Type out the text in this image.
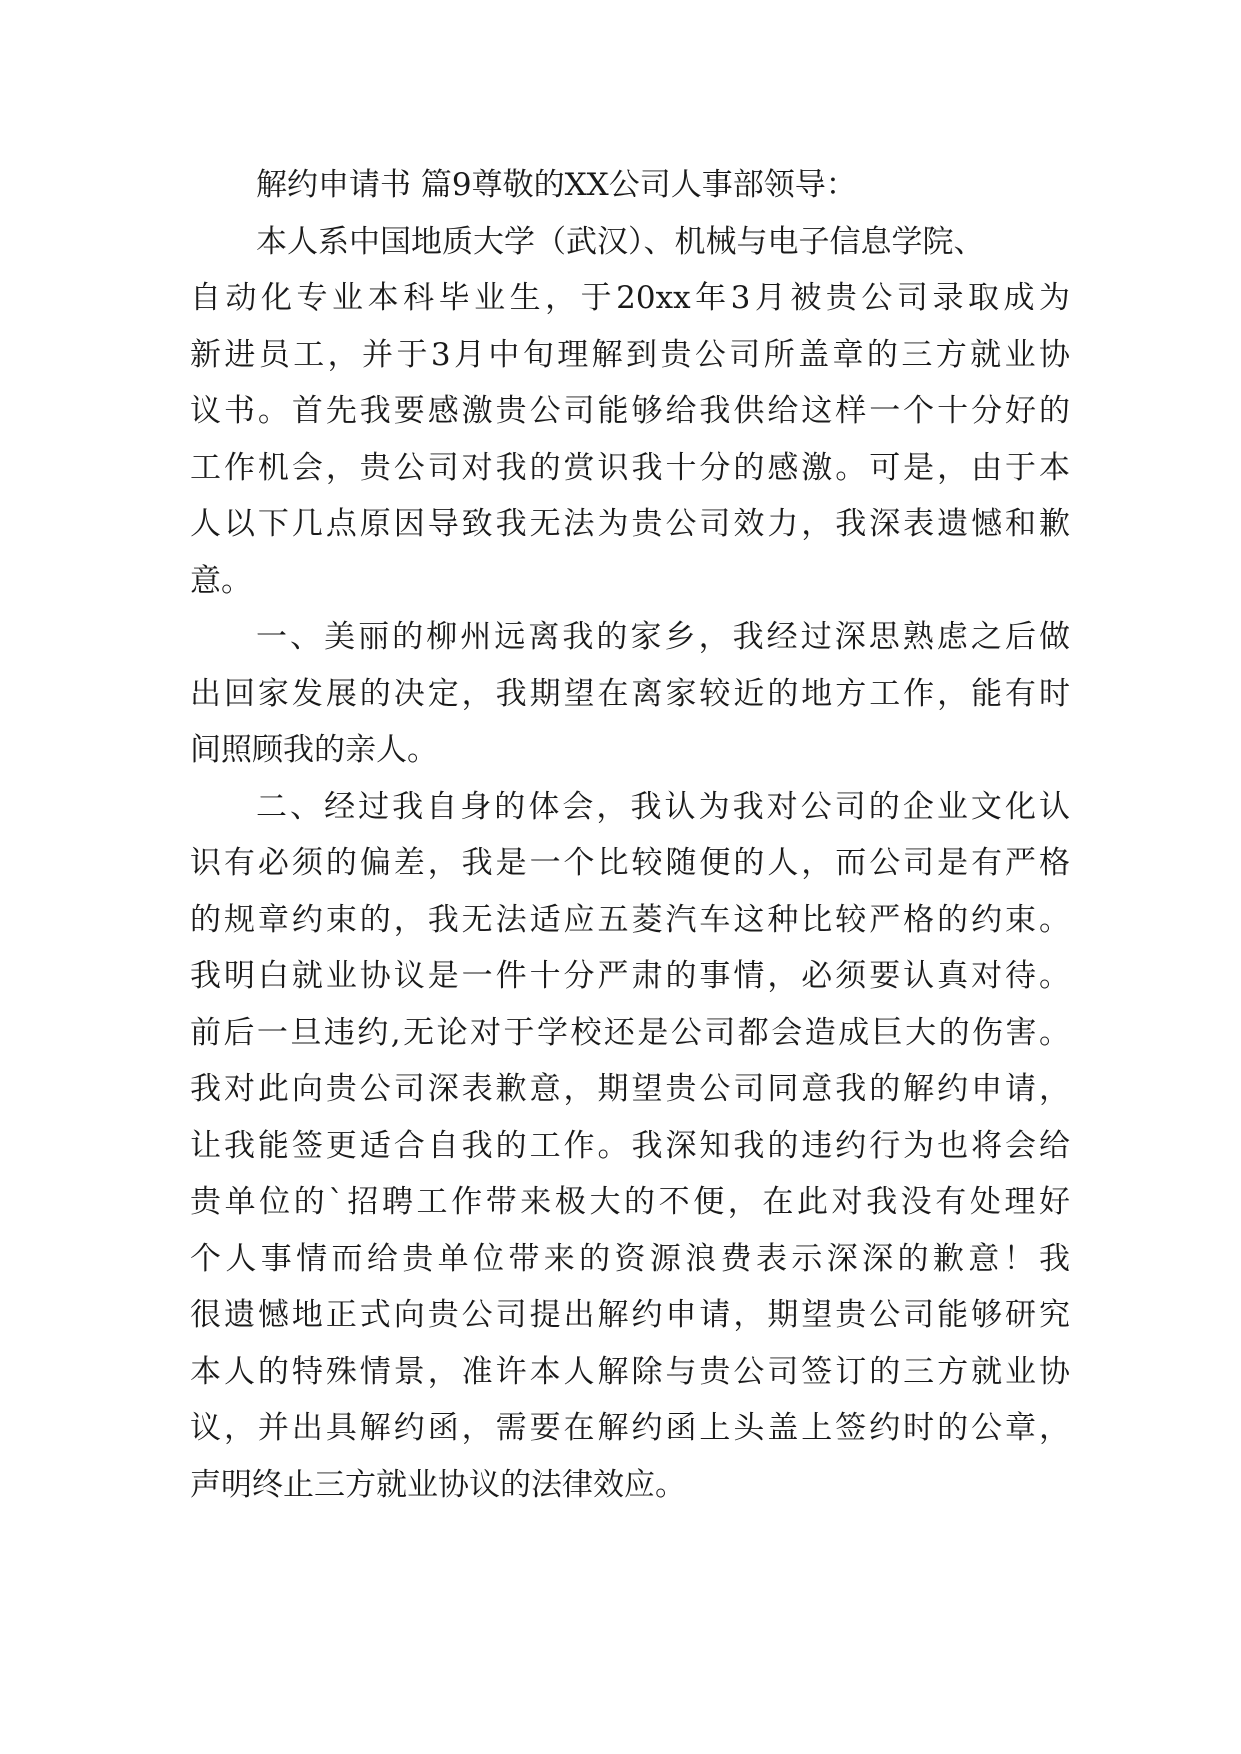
解约申请书 篇9尊敬的XX公司人事部领导：
本人系中国地质大学（武汉）、机械与电子信息学院、
自动化专业本科毕业生，于20xx年3月被贵公司录取成为
新进员工，并于3月中旬理解到贵公司所盖章的三方就业协
议书。首先我要感激贵公司能够给我供给这样一个十分好的
工作机会，贵公司对我的赏识我十分的感激。可是，由于本
人以下几点原因导致我无法为贵公司效力，我深表遗憾和歉
意。
一、美丽的柳州远离我的家乡，我经过深思熟虑之后做
出回家发展的决定，我期望在离家较近的地方工作，能有时
间照顾我的亲人。
二、经过我自身的体会，我认为我对公司的企业文化认
识有必须的偏差，我是一个比较随便的人，而公司是有严格
的规章约束的，我无法适应五菱汽车这种比较严格的约束。
我明白就业协议是一件十分严肃的事情，必须要认真对待。
前后一旦违约,无论对于学校还是公司都会造成巨大的伤害。
我对此向贵公司深表歉意，期望贵公司同意我的解约申请，
让我能签更适合自我的工作。我深知我的违约行为也将会给
贵单位的`招聘工作带来极大的不便，在此对我没有处理好
个人事情而给贵单位带来的资源浪费表示深深的歉意！我
很遗憾地正式向贵公司提出解约申请，期望贵公司能够研究
本人的特殊情景，准许本人解除与贵公司签订的三方就业协
议，并出具解约函，需要在解约函上头盖上签约时的公章，
声明终止三方就业协议的法律效应。
